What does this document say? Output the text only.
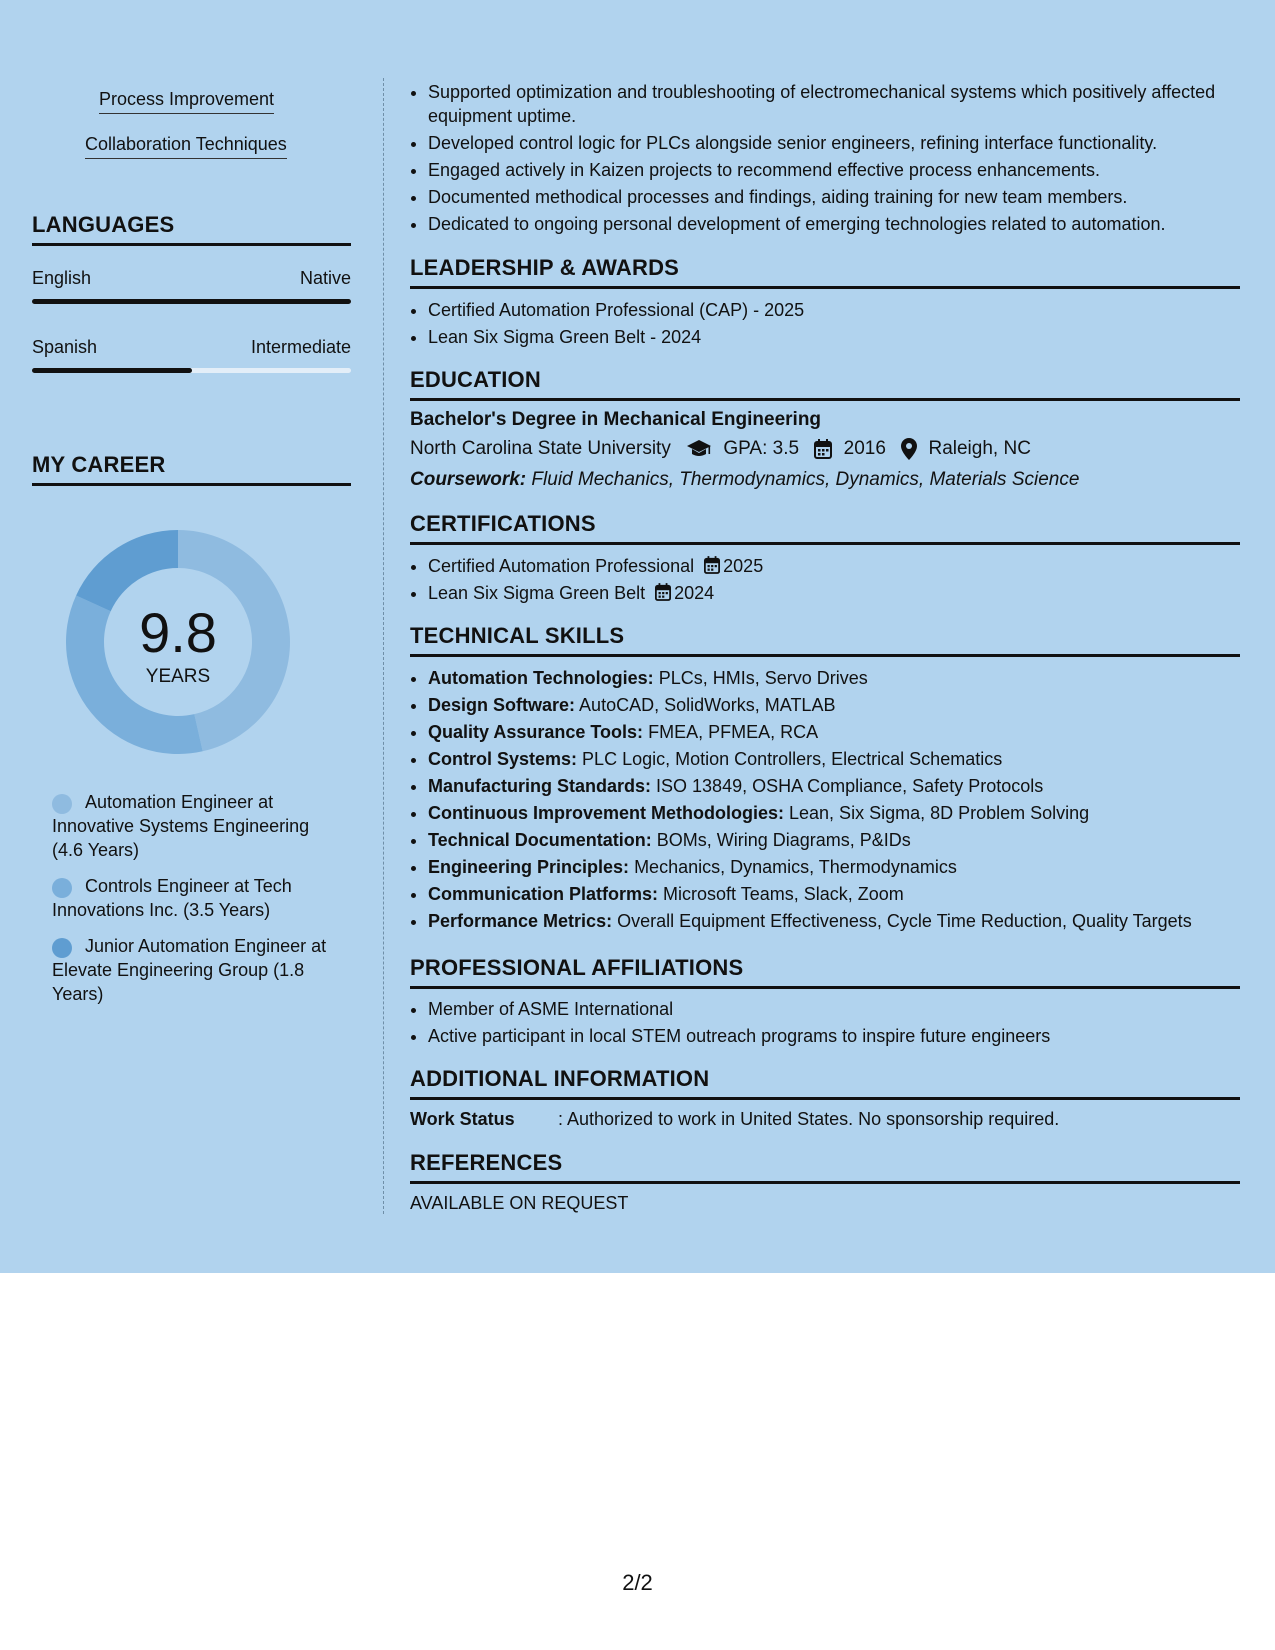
Process Improvement
Collaboration Techniques
LANGUAGES
English	Native
Spanish	Intermediate
MY CAREER
9.8
YEARS
Automation Engineer at Innovative Systems Engineering (4.6 Years)
Controls Engineer at Tech Innovations Inc. (3.5 Years)
Junior Automation Engineer at Elevate Engineering Group (1.8 Years)
• Supported optimization and troubleshooting of electromechanical systems which positively affected equipment uptime.
• Developed control logic for PLCs alongside senior engineers, refining interface functionality.
• Engaged actively in Kaizen projects to recommend effective process enhancements.
• Documented methodical processes and findings, aiding training for new team members.
• Dedicated to ongoing personal development of emerging technologies related to automation.
LEADERSHIP & AWARDS
• Certified Automation Professional (CAP) - 2025
• Lean Six Sigma Green Belt - 2024
EDUCATION
Bachelor's Degree in Mechanical Engineering
North Carolina State University	GPA: 3.5 2016 Raleigh, NC
Coursework: Fluid Mechanics, Thermodynamics, Dynamics, Materials Science
CERTIFICATIONS
• Certified Automation Professional 2025
• Lean Six Sigma Green Belt 2024
TECHNICAL SKILLS
• Automation Technologies: PLCs, HMIs, Servo Drives
• Design Software: AutoCAD, SolidWorks, MATLAB
• Quality Assurance Tools: FMEA, PFMEA, RCA
• Control Systems: PLC Logic, Motion Controllers, Electrical Schematics
• Manufacturing Standards: ISO 13849, OSHA Compliance, Safety Protocols
• Continuous Improvement Methodologies: Lean, Six Sigma, 8D Problem Solving
• Technical Documentation: BOMs, Wiring Diagrams, P&IDs
• Engineering Principles: Mechanics, Dynamics, Thermodynamics
• Communication Platforms: Microsoft Teams, Slack, Zoom
• Performance Metrics: Overall Equipment Effectiveness, Cycle Time Reduction, Quality Targets
PROFESSIONAL AFFILIATIONS
• Member of ASME International
• Active participant in local STEM outreach programs to inspire future engineers
ADDITIONAL INFORMATION
Work Status : Authorized to work in United States. No sponsorship required.
REFERENCES
AVAILABLE ON REQUEST
2/2
